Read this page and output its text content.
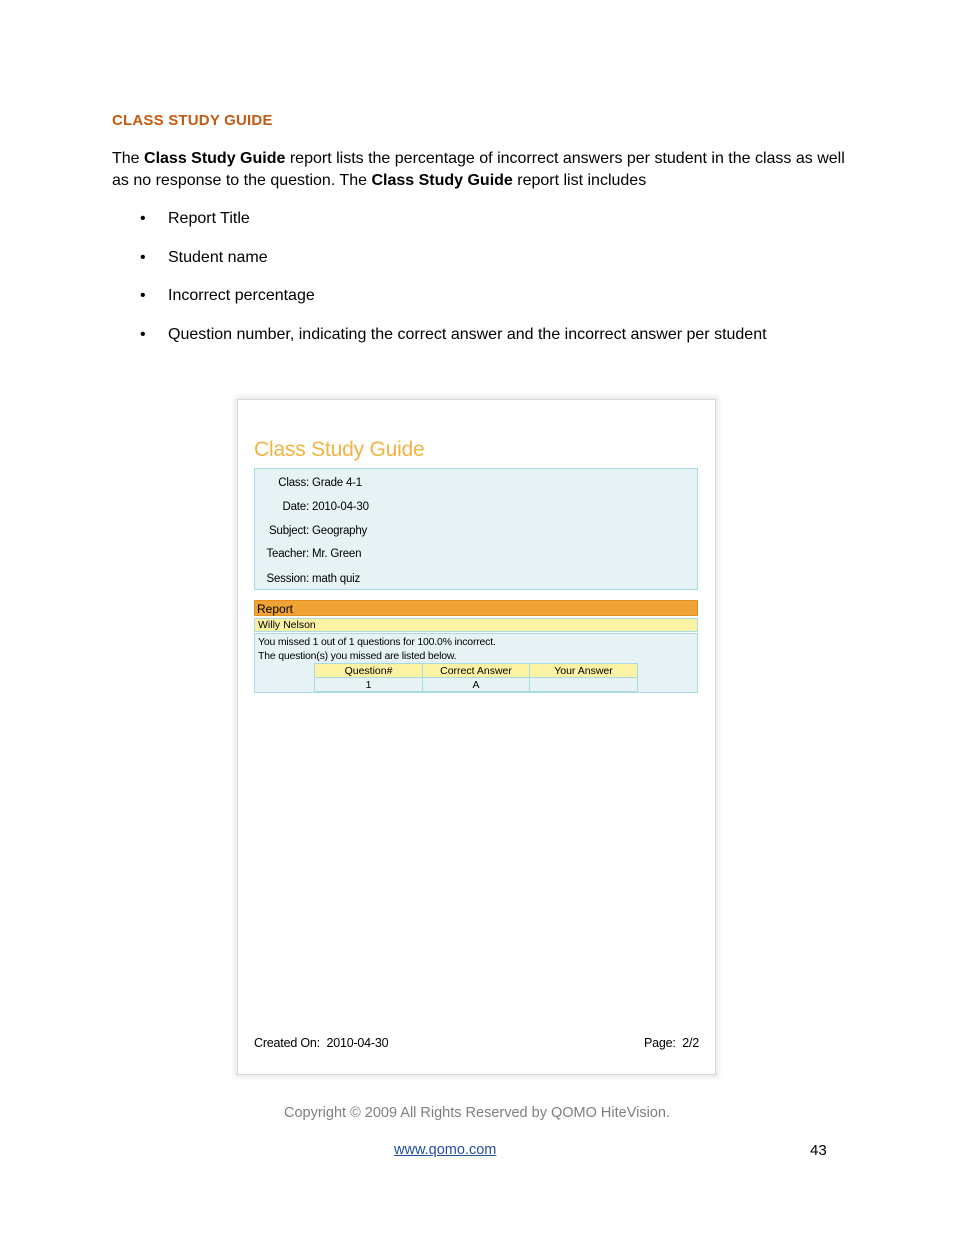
CLASS STUDY GUIDE
The Class Study Guide report lists the percentage of incorrect answers per student in the class as well as no response to the question. The Class Study Guide report list includes
• Report Title
• Student name
• Incorrect percentage
• Question number, indicating the correct answer and the incorrect answer per student
Class Study Guide
Class: Grade 4-1
Date: 2010-04-30
Subject: Geography
Teacher: Mr. Green
Session: math quiz
Report
Willy Nelson
You missed 1 out of 1 questions for 100.0% incorrect.
The question(s) you missed are listed below.
Question#	Correct Answer	Your Answer
1	A	
Created On: 2010-04-30	Page: 2/2
Copyright © 2009 All Rights Reserved by QOMO HiteVision.
www.qomo.com	43
